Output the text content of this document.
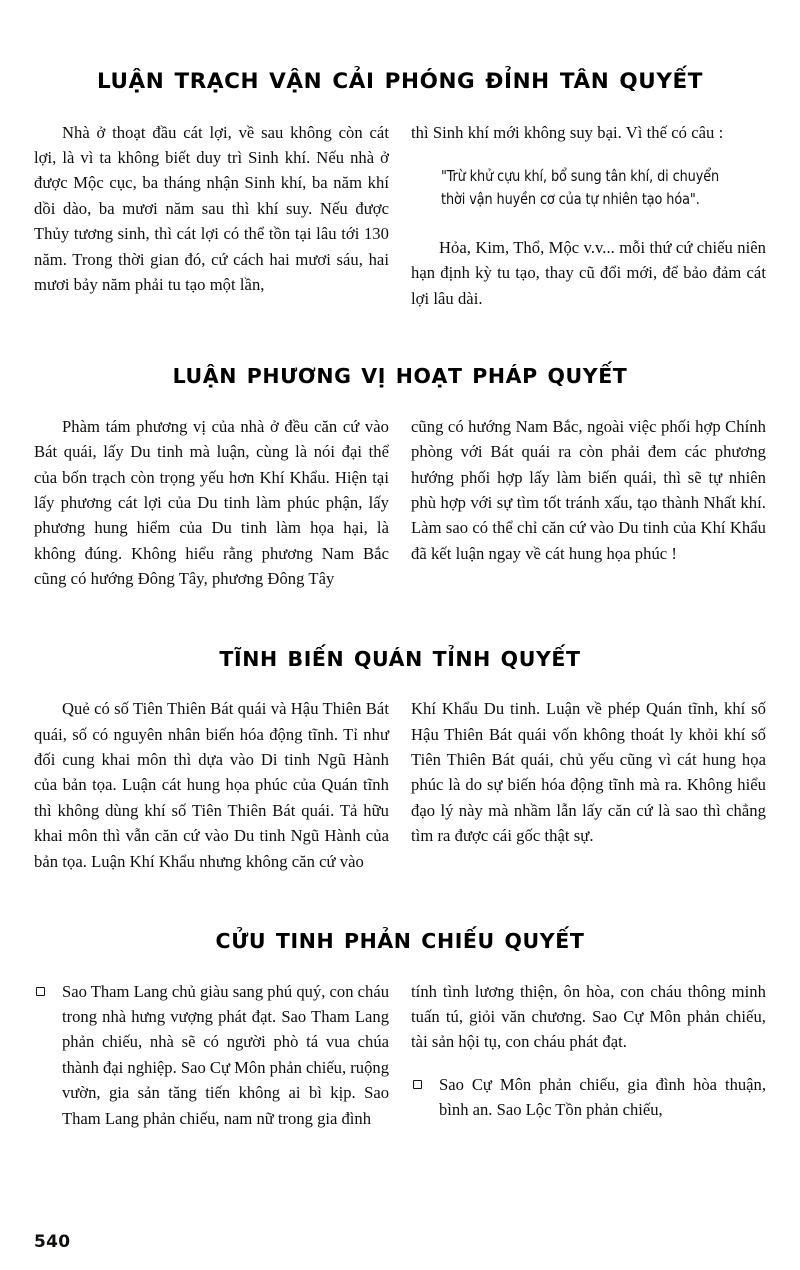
LUẬN TRẠCH VẬN CẢI PHÓNG ĐỈNH TÂN QUYẾT

Nhà ở thoạt đầu cát lợi, về sau không còn cát lợi, là vì ta không biết duy trì Sinh khí. Nếu nhà ở được Mộc cục, ba tháng nhận Sinh khí, ba năm khí dồi dào, ba mươi năm sau thì khí suy. Nếu được Thủy tương sinh, thì cát lợi có thể tồn tại lâu tới 130 năm. Trong thời gian đó, cứ cách hai mươi sáu, hai mươi bảy năm phải tu tạo một lần,

thì Sinh khí mới không suy bại. Vì thế có câu :

"Trừ khử cựu khí, bổ sung tân khí, di chuyển thời vận huyền cơ của tự nhiên tạo hóa".

Hỏa, Kim, Thổ, Mộc v.v... mỗi thứ cứ chiếu niên hạn định kỳ tu tạo, thay cũ đổi mới, để bảo đảm cát lợi lâu dài.

LUẬN PHƯƠNG VỊ HOẠT PHÁP QUYẾT

Phàm tám phương vị của nhà ở đều căn cứ vào Bát quái, lấy Du tinh mà luận, cùng là nói đại thể của bốn trạch còn trọng yếu hơn Khí Khẩu. Hiện tại lấy phương cát lợi của Du tinh làm phúc phận, lấy phương hung hiểm của Du tinh làm họa hại, là không đúng. Không hiểu rằng phương Nam Bắc cũng có hướng Đông Tây, phương Đông Tây

cũng có hướng Nam Bắc, ngoài việc phối hợp Chính phòng với Bát quái ra còn phải đem các phương hướng phối hợp lấy làm biến quái, thì sẽ tự nhiên phù hợp với sự tìm tốt tránh xấu, tạo thành Nhất khí. Làm sao có thể chỉ căn cứ vào Du tinh của Khí Khẩu đã kết luận ngay về cát hung họa phúc !

TĨNH BIẾN QUÁN TỈNH QUYẾT

Quẻ có số Tiên Thiên Bát quái và Hậu Thiên Bát quái, số có nguyên nhân biến hóa động tĩnh. Tỉ như đối cung khai môn thì dựa vào Di tinh Ngũ Hành của bản tọa. Luận cát hung họa phúc của Quán tĩnh thì không dùng khí số Tiên Thiên Bát quái. Tả hữu khai môn thì vẫn căn cứ vào Du tinh Ngũ Hành của bản tọa. Luận Khí Khẩu nhưng không căn cứ vào

Khí Khẩu Du tinh. Luận về phép Quán tĩnh, khí số Hậu Thiên Bát quái vốn không thoát ly khỏi khí số Tiên Thiên Bát quái, chủ yếu cũng vì cát hung họa phúc là do sự biến hóa động tĩnh mà ra. Không hiểu đạo lý này mà nhầm lẫn lấy căn cứ là sao thì chẳng tìm ra được cái gốc thật sự.

CỬU TINH PHẢN CHIẾU QUYẾT
Sao Tham Lang chủ giàu sang phú quý, con cháu trong nhà hưng vượng phát đạt. Sao Tham Lang phản chiếu, nhà sẽ có người phò tá vua chúa thành đại nghiệp. Sao Cự Môn phản chiếu, ruộng vườn, gia sản tăng tiến không ai bì kịp. Sao Tham Lang phản chiếu, nam nữ trong gia đình

tính tình lương thiện, ôn hòa, con cháu thông minh tuấn tú, giỏi văn chương. Sao Cự Môn phản chiếu, tài sản hội tụ, con cháu phát đạt.

Sao Cự Môn phản chiếu, gia đình hòa thuận, bình an. Sao Lộc Tồn phản chiếu,
540
